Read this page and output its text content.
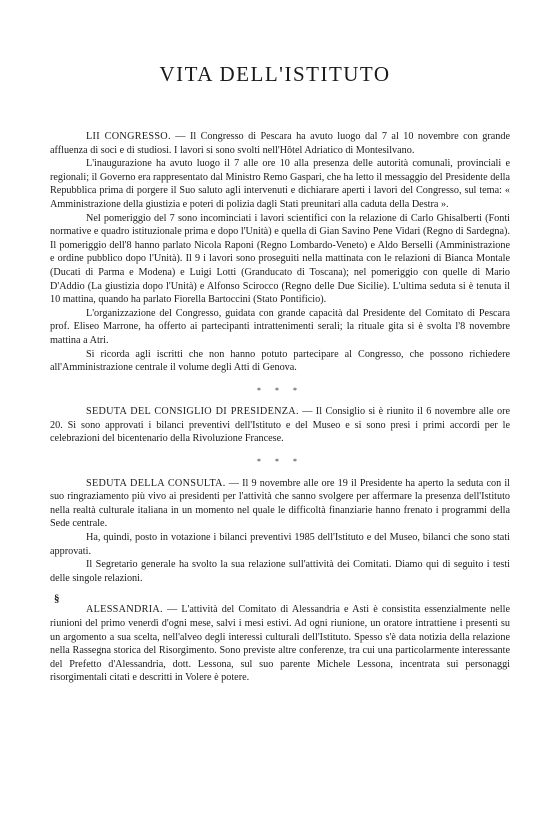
VITA DELL'ISTITUTO

LII CONGRESSO. — Il Congresso di Pescara ha avuto luogo dal 7 al 10 novembre con grande affluenza di soci e di studiosi. I lavori si sono svolti nell'Hôtel Adriatico di Montesilvano.

L'inaugurazione ha avuto luogo il 7 alle ore 10 alla presenza delle autorità comunali, provinciali e regionali; il Governo era rappresentato dal Ministro Remo Gaspari, che ha letto il messaggio del Presidente della Repubblica prima di porgere il Suo saluto agli intervenuti e dichiarare aperti i lavori del Congresso, sul tema: « Amministrazione della giustizia e poteri di polizia dagli Stati preunitari alla caduta della Destra ».

Nel pomeriggio del 7 sono incominciati i lavori scientifici con la relazione di Carlo Ghisalberti (Fonti normative e quadro istituzionale prima e dopo l'Unità) e quella di Gian Savino Pene Vidari (Regno di Sardegna). Il pomeriggio dell'8 hanno parlato Nicola Raponi (Regno Lombardo-Veneto) e Aldo Berselli (Amministrazione e ordine pubblico dopo l'Unità). Il 9 i lavori sono proseguiti nella mattinata con le relazioni di Bianca Montale (Ducati di Parma e Modena) e Luigi Lotti (Granducato di Toscana); nel pomeriggio con quelle di Mario D'Addio (La giustizia dopo l'Unità) e Alfonso Scirocco (Regno delle Due Sicilie). L'ultima seduta si è tenuta il 10 mattina, quando ha parlato Fiorella Bartoccini (Stato Pontificio).

L'organizzazione del Congresso, guidata con grande capacità dal Presidente del Comitato di Pescara prof. Eliseo Marrone, ha offerto ai partecipanti intrattenimenti serali; la rituale gita si è svolta l'8 novembre mattina a Atri.

Si ricorda agli iscritti che non hanno potuto partecipare al Congresso, che possono richiedere all'Amministrazione centrale il volume degli Atti di Genova.

* * *

SEDUTA DEL CONSIGLIO DI PRESIDENZA. — Il Consiglio si è riunito il 6 novembre alle ore 20. Si sono approvati i bilanci preventivi dell'Istituto e del Museo e si sono presi i primi accordi per le celebrazioni del bicentenario della Rivoluzione Francese.

* * *

SEDUTA DELLA CONSULTA. — Il 9 novembre alle ore 19 il Presidente ha aperto la seduta con il suo ringraziamento più vivo ai presidenti per l'attività che sanno svolgere per affermare la presenza dell'Istituto nella realtà culturale italiana in un momento nel quale le difficoltà finanziarie hanno frenato i programmi della Sede centrale.

Ha, quindi, posto in votazione i bilanci preventivi 1985 dell'Istituto e del Museo, bilanci che sono stati approvati.

Il Segretario generale ha svolto la sua relazione sull'attività dei Comitati. Diamo qui di seguito i testi delle singole relazioni.

§

ALESSANDRIA. — L'attività del Comitato di Alessandria e Asti è consistita essenzialmente nelle riunioni del primo venerdì d'ogni mese, salvi i mesi estivi. Ad ogni riunione, un oratore intrattiene i presenti su un argomento a sua scelta, nell'alveo degli interessi culturali dell'Istituto. Spesso s'è data notizia della relazione nella Rassegna storica del Risorgimento. Sono previste altre conferenze, tra cui una particolarmente interessante del Prefetto d'Alessandria, dott. Lessona, sul suo parente Michele Lessona, incentrata sui personaggi risorgimentali citati e descritti in Volere è potere.
